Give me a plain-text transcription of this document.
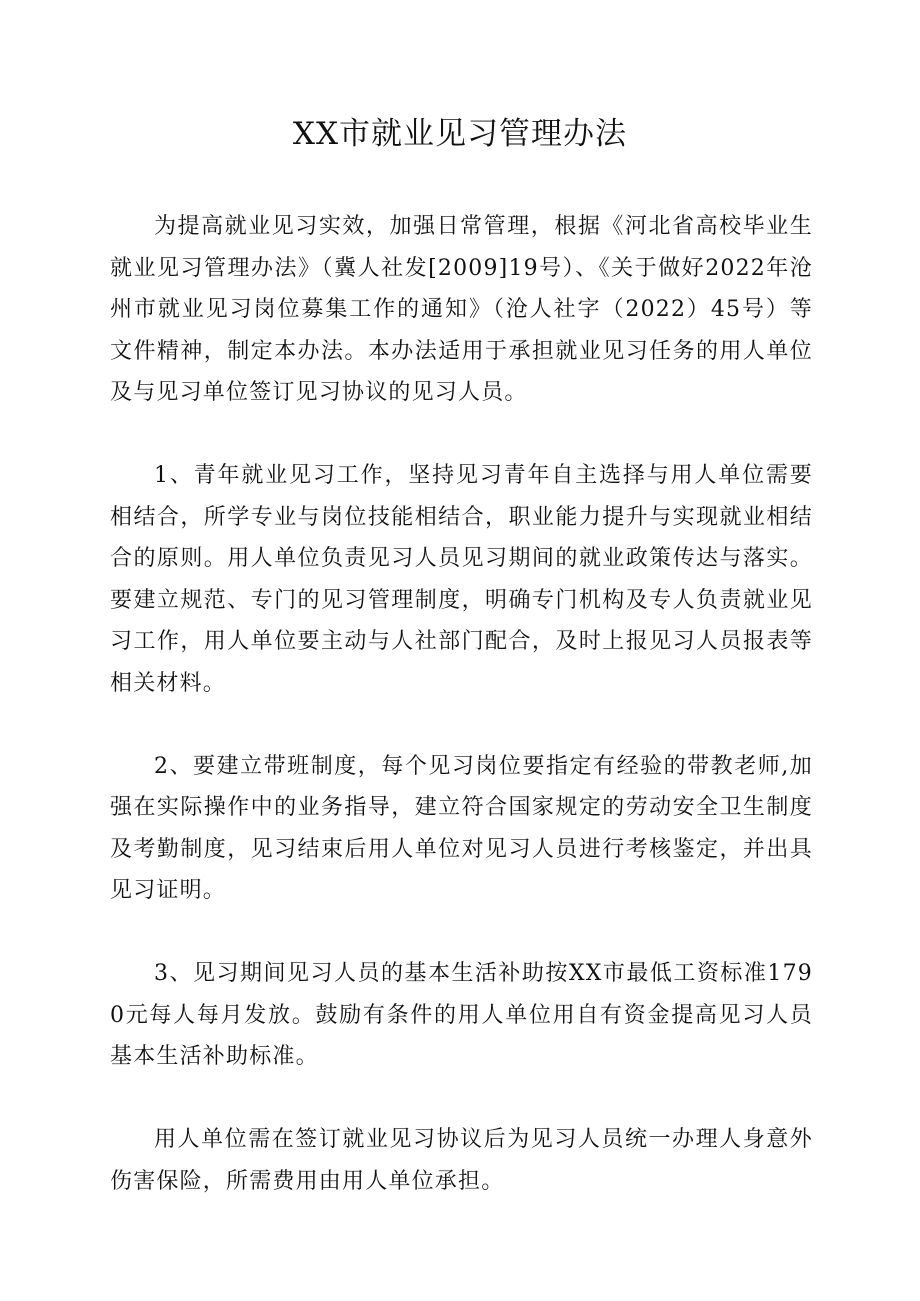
XX市就业见习管理办法

为提高就业见习实效，加强日常管理，根据《河北省高校毕业生就业见习管理办法》（冀人社发[2009]19号）、《关于做好2022年沧州市就业见习岗位募集工作的通知》（沧人社字（2022）45号）等文件精神，制定本办法。本办法适用于承担就业见习任务的用人单位及与见习单位签订见习协议的见习人员。

1、青年就业见习工作，坚持见习青年自主选择与用人单位需要相结合，所学专业与岗位技能相结合，职业能力提升与实现就业相结合的原则。用人单位负责见习人员见习期间的就业政策传达与落实。要建立规范、专门的见习管理制度，明确专门机构及专人负责就业见习工作，用人单位要主动与人社部门配合，及时上报见习人员报表等相关材料。

2、要建立带班制度，每个见习岗位要指定有经验的带教老师,加强在实际操作中的业务指导，建立符合国家规定的劳动安全卫生制度及考勤制度，见习结束后用人单位对见习人员进行考核鉴定，并出具见习证明。

3、见习期间见习人员的基本生活补助按XX市最低工资标准1790元每人每月发放。鼓励有条件的用人单位用自有资金提高见习人员基本生活补助标准。

用人单位需在签订就业见习协议后为见习人员统一办理人身意外伤害保险，所需费用由用人单位承担。
